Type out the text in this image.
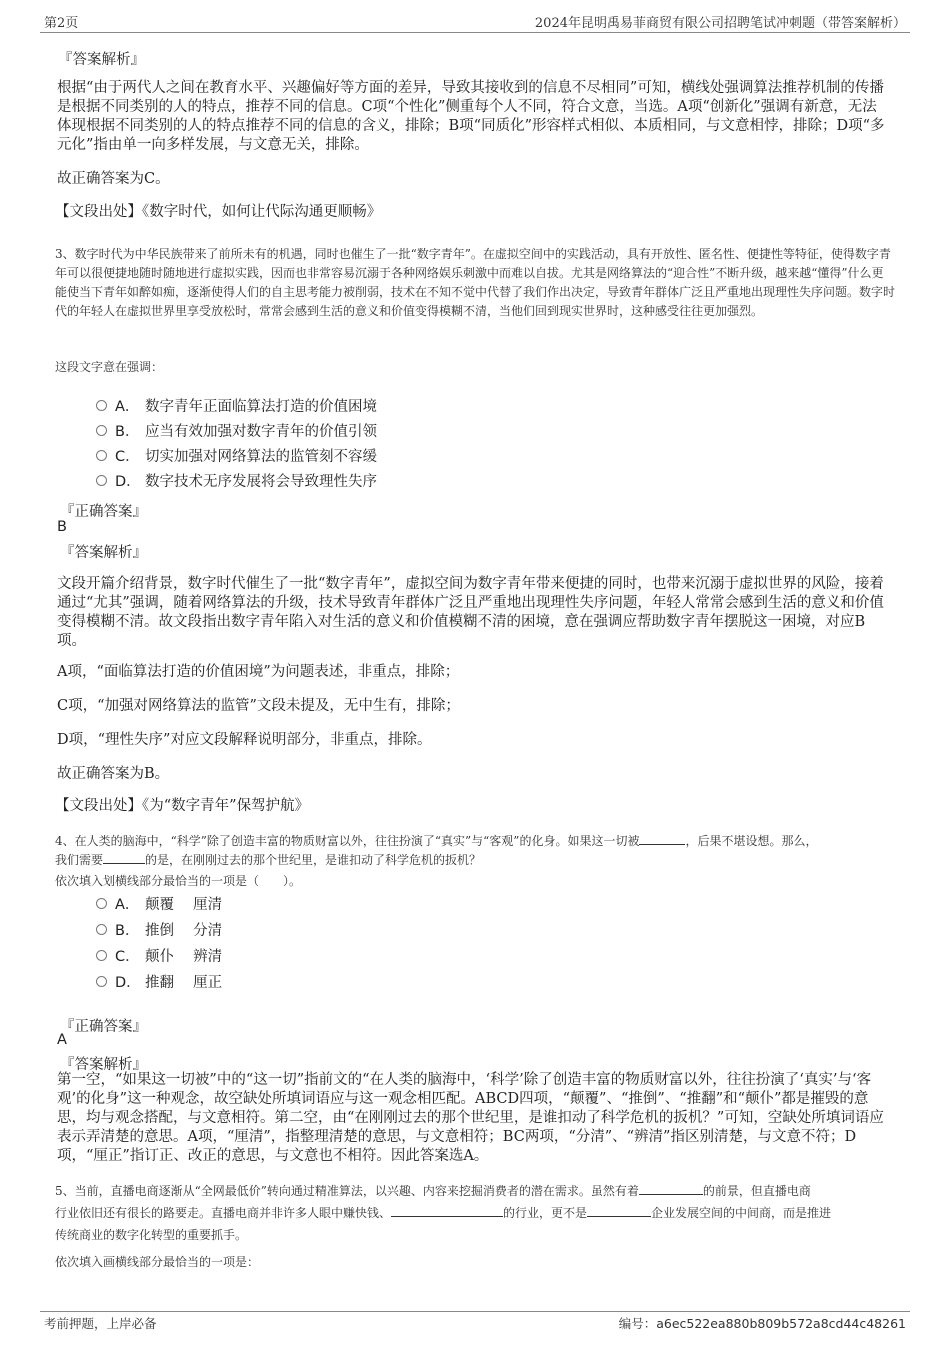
第2页	2024年昆明禹易菲商贸有限公司招聘笔试冲刺题（带答案解析）
『答案解析』

根据“由于两代人之间在教育水平、兴趣偏好等方面的差异，导致其接收到的信息不尽相同”可知，横线处强调算法推荐机制的传播是根据不同类别的人的特点，推荐不同的信息。C项“个性化”侧重每个人不同，符合文意，当选。A项“创新化”强调有新意，无法体现根据不同类别的人的特点推荐不同的信息的含义，排除；B项“同质化”形容样式相似、本质相同，与文意相悖，排除；D项“多元化”指由单一向多样发展，与文意无关，排除。

故正确答案为C。

【文段出处】《数字时代，如何让代际沟通更顺畅》

3、数字时代为中华民族带来了前所未有的机遇，同时也催生了一批“数字青年”。在虚拟空间中的实践活动，具有开放性、匿名性、便捷性等特征，使得数字青年可以很便捷地随时随地进行虚拟实践，因而也非常容易沉溺于各种网络娱乐刺激中而难以自拔。尤其是网络算法的“迎合性”不断升级，越来越“懂得”什么更能使当下青年如醉如痴，逐渐使得人们的自主思考能力被削弱，技术在不知不觉中代替了我们作出决定，导致青年群体广泛且严重地出现理性失序问题。数字时代的年轻人在虚拟世界里享受放松时，常常会感到生活的意义和价值变得模糊不清，当他们回到现实世界时，这种感受往往更加强烈。

这段文字意在强调：

A． 数字青年正面临算法打造的价值困境
B． 应当有效加强对数字青年的价值引领
C． 切实加强对网络算法的监管刻不容缓
D． 数字技术无序发展将会导致理性失序
『正确答案』
B
『答案解析』

文段开篇介绍背景，数字时代催生了一批“数字青年”，虚拟空间为数字青年带来便捷的同时，也带来沉溺于虚拟世界的风险，接着通过“尤其”强调，随着网络算法的升级，技术导致青年群体广泛且严重地出现理性失序问题，年轻人常常会感到生活的意义和价值变得模糊不清。故文段指出数字青年陷入对生活的意义和价值模糊不清的困境，意在强调应帮助数字青年摆脱这一困境，对应B项。

A项，“面临算法打造的价值困境”为问题表述，非重点，排除；

C项，“加强对网络算法的监管”文段未提及，无中生有，排除；

D项，“理性失序”对应文段解释说明部分，非重点，排除。

故正确答案为B。

【文段出处】《为“数字青年”保驾护航》

4、在人类的脑海中，“科学”除了创造丰富的物质财富以外，往往扮演了“真实”与“客观”的化身。如果这一切被	，后果不堪设想。那么，
我们需要	的是，在刚刚过去的那个世纪里，是谁扣动了科学危机的扳机？

依次填入划横线部分最恰当的一项是（　　）。

A． 颠覆　 厘清
B． 推倒　 分清
C． 颠仆　 辨清
D． 推翻　 厘正
『正确答案』
A
『答案解析』

第一空，“如果这一切被”中的“这一切”指前文的“在人类的脑海中，‘科学’除了创造丰富的物质财富以外，往往扮演了‘真实’与‘客观’的化身”这一种观念，故空缺处所填词语应与这一观念相匹配。ABCD四项，“颠覆”、“推倒”、“推翻”和“颠仆”都是摧毁的意思，均与观念搭配，与文意相符。第二空，由“在刚刚过去的那个世纪里，是谁扣动了科学危机的扳机？”可知，空缺处所填词语应表示弄清楚的意思。A项，“厘清”，指整理清楚的意思，与文意相符；BC两项，“分清”、“辨清”指区别清楚，与文意不符；D项，“厘正”指订正、改正的意思，与文意也不相符。因此答案选A。

5、当前，直播电商逐渐从“全网最低价”转向通过精准算法，以兴趣、内容来挖掘消费者的潜在需求。虽然有着	的前景，但直播电商
行业依旧还有很长的路要走。直播电商并非许多人眼中赚快钱、	的行业，更不是	企业发展空间的中间商，而是推进
传统商业的数字化转型的重要抓手。

依次填入画横线部分最恰当的一项是：

考前押题，上岸必备	编号：a6ec522ea880b809b572a8cd44c48261
